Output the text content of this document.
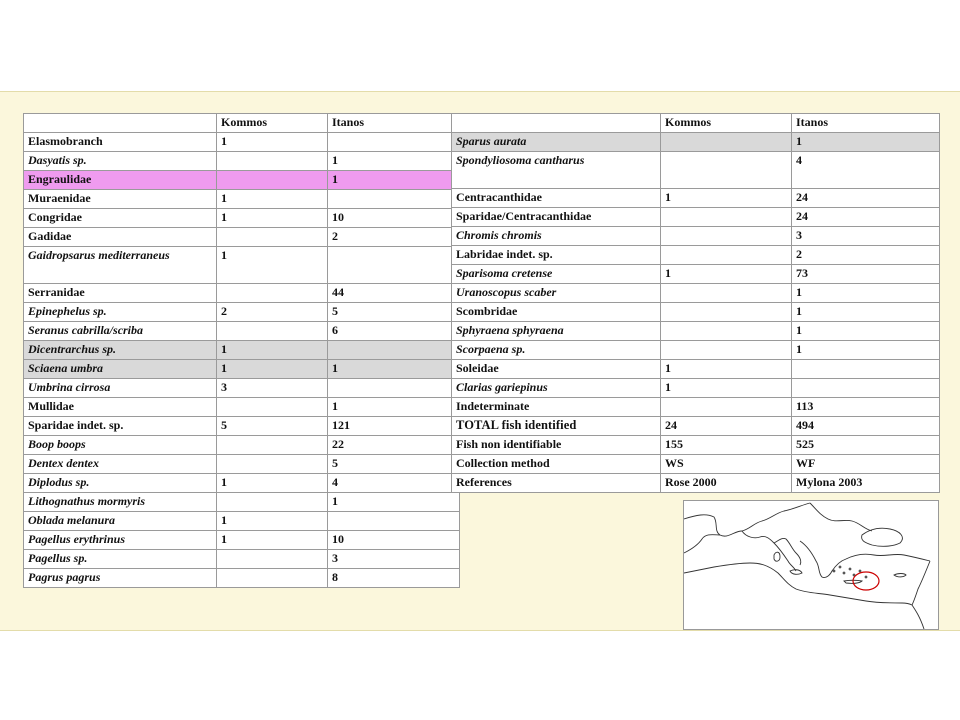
	Kommos	Itanos
Elasmobranch	1	
Dasyatis sp.		1
Engraulidae		1
Muraenidae	1	
Congridae	1	10
Gadidae		2
Gaidropsarus mediterraneus	1	
Serranidae		44
Epinephelus sp.	2	5
Seranus cabrilla/scriba		6
Dicentrarchus sp.	1	
Sciaena umbra	1	1
Umbrina cirrosa	3	
Mullidae		1
Sparidae indet. sp.	5	121
Boop boops		22
Dentex dentex		5
Diplodus sp.	1	4
Lithognathus mormyris		1
Oblada melanura	1	
Pagellus erythrinus	1	10
Pagellus sp.		3
Pagrus pagrus		8
	Kommos	Itanos
Sparus aurata		1
Spondyliosoma cantharus		4
Centracanthidae	1	24
Sparidae/Centracanthidae		24
Chromis chromis		3
Labridae indet. sp.		2
Sparisoma cretense	1	73
Uranoscopus scaber		1
Scombridae		1
Sphyraena sphyraena		1
Scorpaena sp.		1
Soleidae	1	
Clarias gariepinus	1	
Indeterminate		113
TOTAL fish identified	24	494
Fish non identifiable	155	525
Collection method	WS	WF
References	Rose 2000	Mylona 2003
